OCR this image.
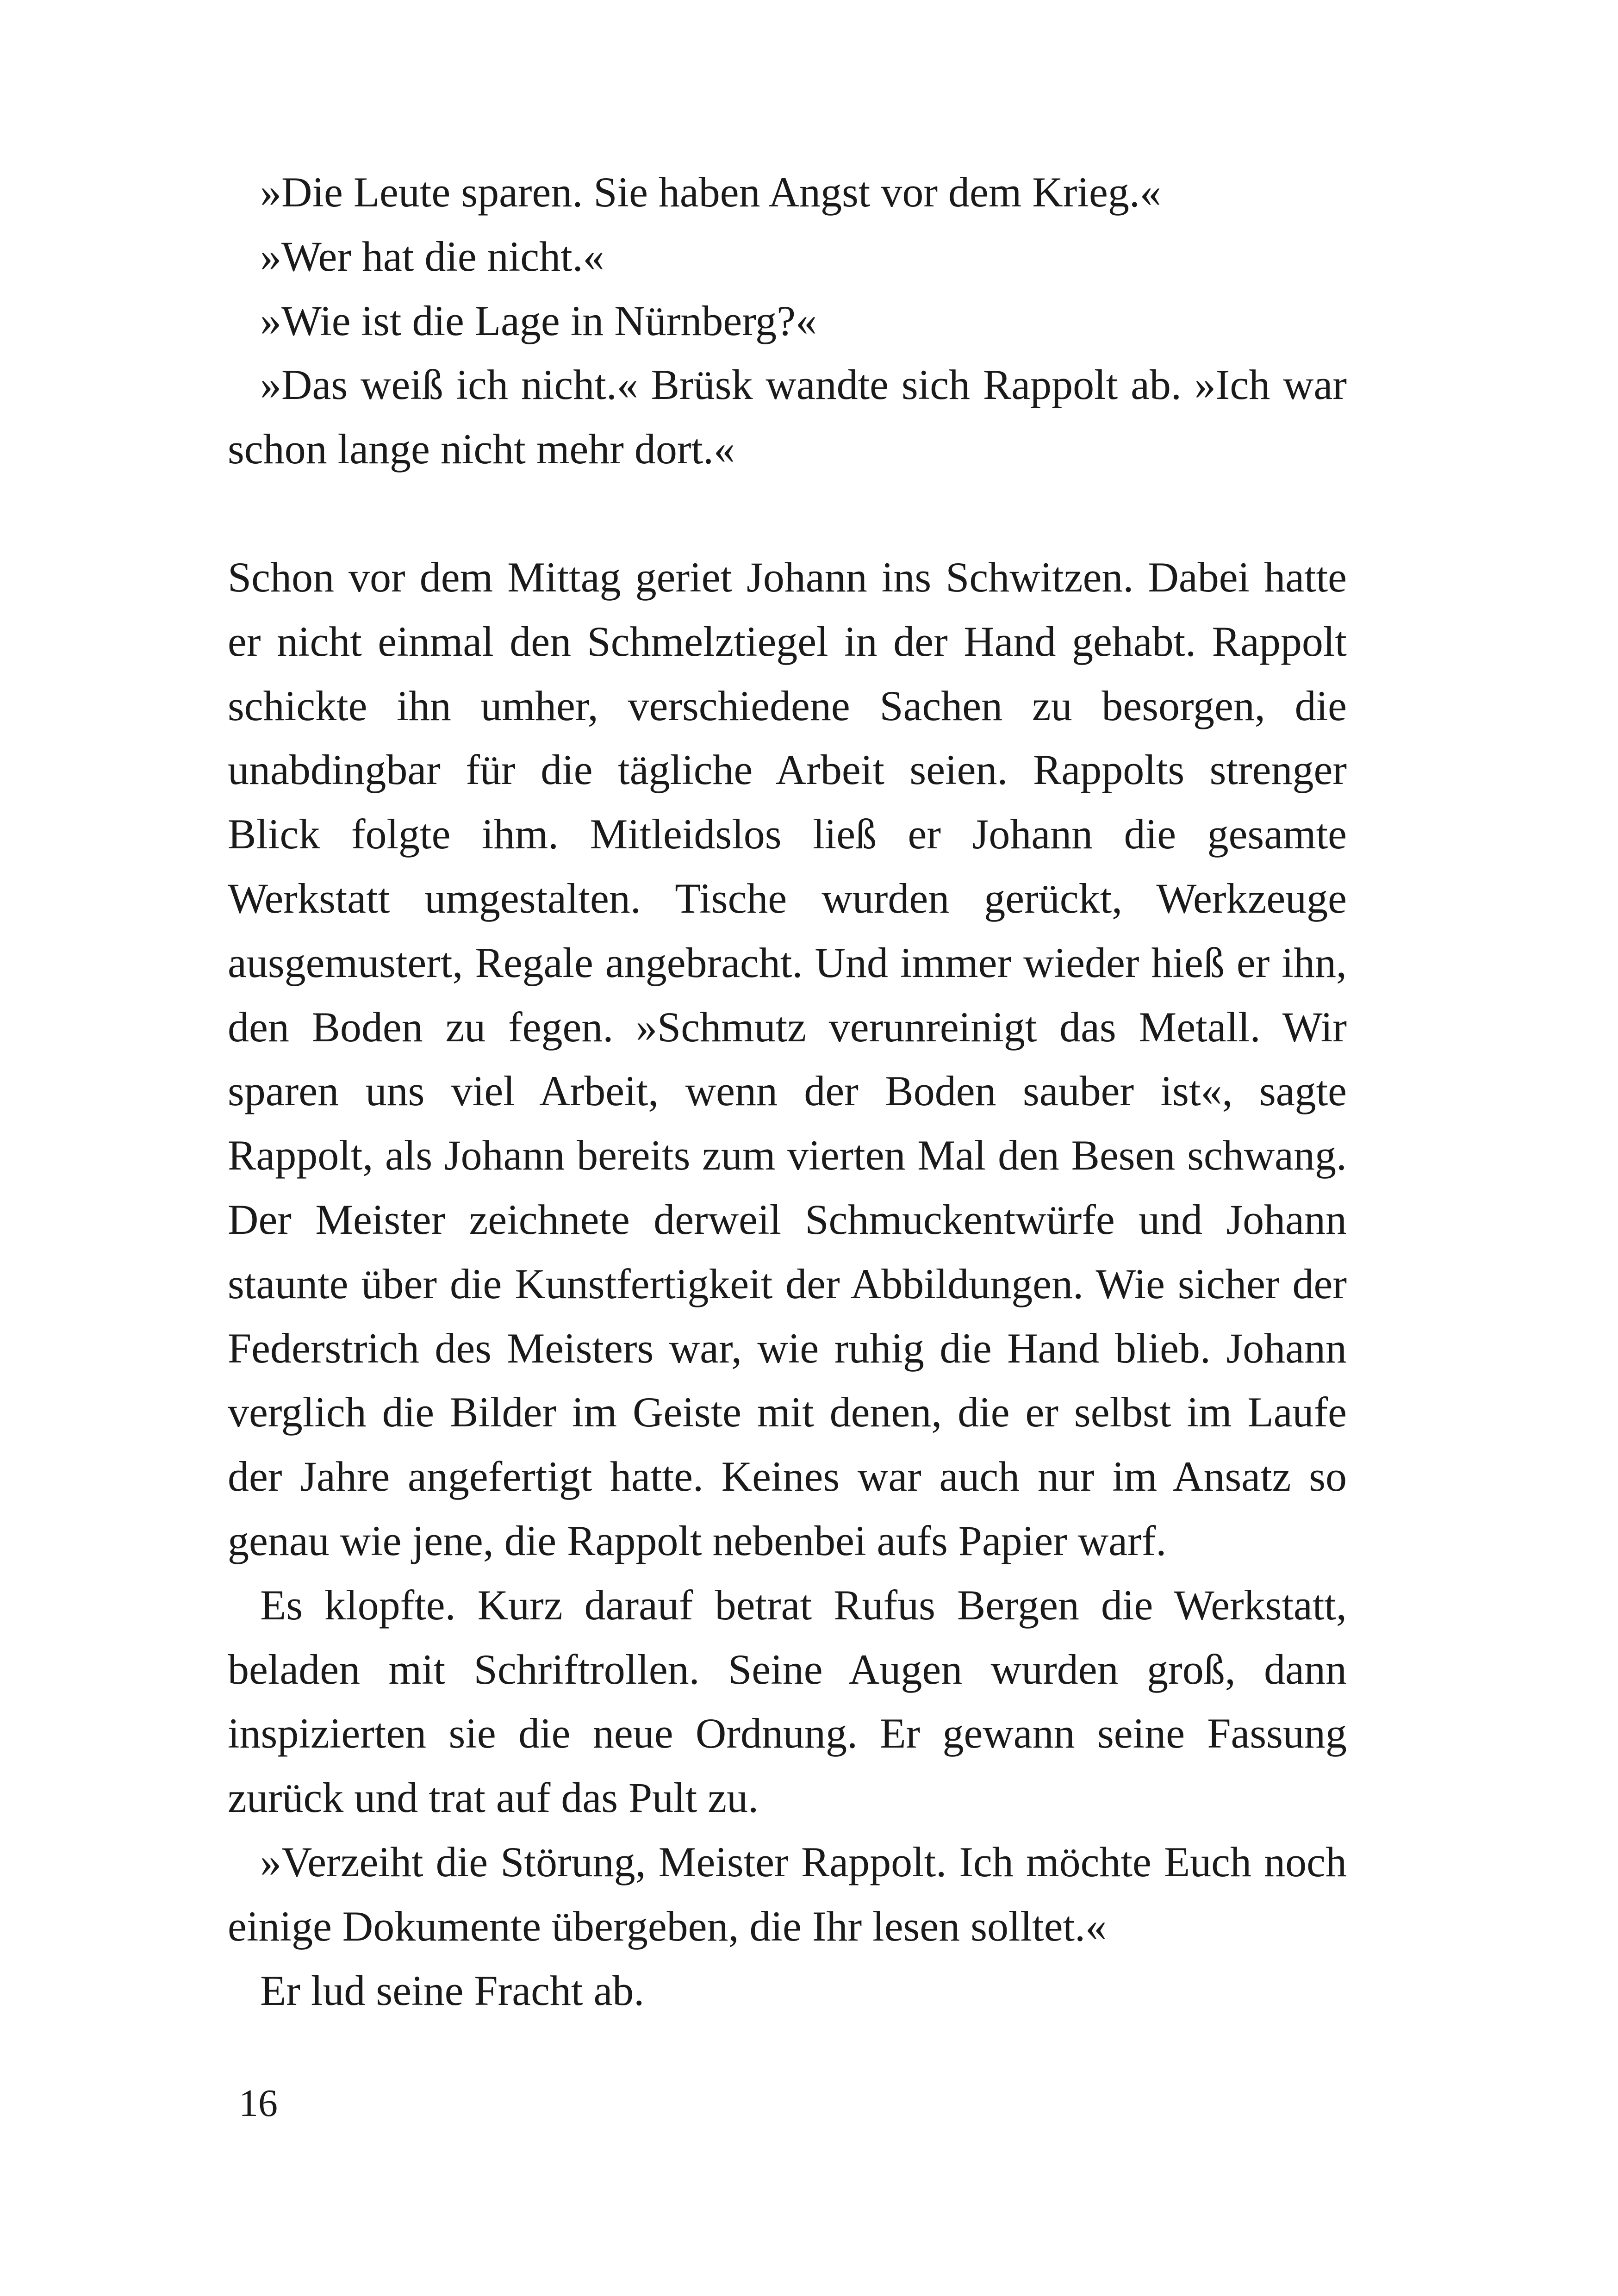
»Die Leute sparen. Sie haben Angst vor dem Krieg.«

»Wer hat die nicht.«

»Wie ist die Lage in Nürnberg?«

»Das weiß ich nicht.« Brüsk wandte sich Rappolt ab. »Ich war schon lange nicht mehr dort.«

Schon vor dem Mittag geriet Johann ins Schwitzen. Dabei hatte er nicht einmal den Schmelztiegel in der Hand gehabt. Rappolt schickte ihn umher, verschiedene Sachen zu besorgen, die unabdingbar für die tägliche Arbeit seien. Rappolts strenger Blick folgte ihm. Mitleidslos ließ er Johann die gesamte Werkstatt umgestalten. Tische wurden gerückt, Werkzeuge ausgemustert, Regale angebracht. Und immer wieder hieß er ihn, den Boden zu fegen. »Schmutz verunreinigt das Metall. Wir sparen uns viel Arbeit, wenn der Boden sauber ist«, sagte Rappolt, als Johann bereits zum vierten Mal den Besen schwang. Der Meister zeichnete derweil Schmuckentwürfe und Johann staunte über die Kunstfertigkeit der Abbildungen. Wie sicher der Federstrich des Meisters war, wie ruhig die Hand blieb. Johann verglich die Bilder im Geiste mit denen, die er selbst im Laufe der Jahre angefertigt hatte. Keines war auch nur im Ansatz so genau wie jene, die Rappolt nebenbei aufs Papier warf.

Es klopfte. Kurz darauf betrat Rufus Bergen die Werkstatt, beladen mit Schriftrollen. Seine Augen wurden groß, dann inspizierten sie die neue Ordnung. Er gewann seine Fassung zurück und trat auf das Pult zu.

»Verzeiht die Störung, Meister Rappolt. Ich möchte Euch noch einige Dokumente übergeben, die Ihr lesen solltet.«

Er lud seine Fracht ab.

16
